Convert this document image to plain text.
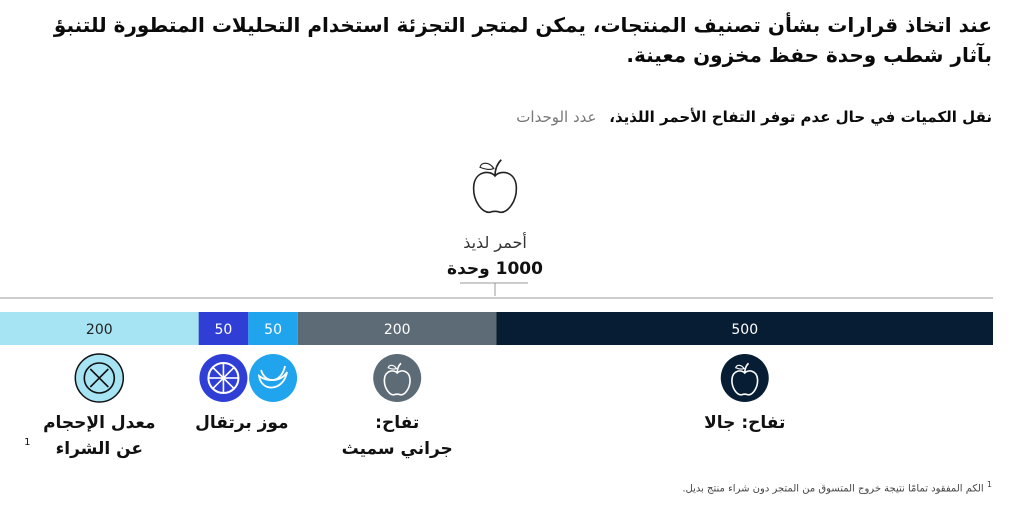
عند اتخاذ قرارات بشأن تصنيف المنتجات، يمكن لمتجر التجزئة استخدام التحليلات المتطورة للتنبؤ بآثار شطب وحدة حفظ مخزون معينة.

نقل الكميات في حال عدم توفر التفاح الأحمر اللذيذ، عدد الوحدات
أحمر لذيذ
1000 وحدة
500
تفاح: جالا
200
تفاح:
جراني سميث
50
موز
50
برتقال
200
معدل الإحجام
عن الشراء
1
$^1$ الكم المفقود تمامًا نتيجة خروج المتسوق من المتجر دون شراء منتج بديل.
